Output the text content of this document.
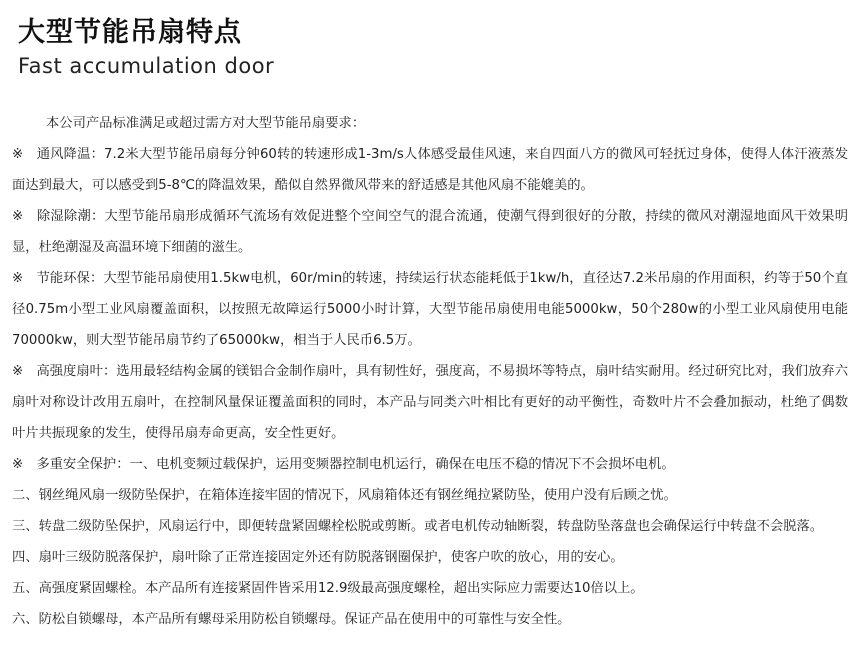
大型节能吊扇特点

Fast accumulation door

本公司产品标准满足或超过需方对大型节能吊扇要求：

※　通风降温：7.2米大型节能吊扇每分钟60转的转速形成1-3m/s人体感受最佳风速，来自四面八方的微风可轻抚过身体，使得人体汗液蒸发面达到最大，可以感受到5-8℃的降温效果，酷似自然界微风带来的舒适感是其他风扇不能媲美的。

※　除湿除潮：大型节能吊扇形成循环气流场有效促进整个空间空气的混合流通，使潮气得到很好的分散，持续的微风对潮湿地面风干效果明显，杜绝潮湿及高温环境下细菌的滋生。

※　节能环保：大型节能吊扇使用1.5kw电机，60r/min的转速，持续运行状态能耗低于1kw/h，直径达7.2米吊扇的作用面积，约等于50个直径0.75m小型工业风扇覆盖面积，以按照无故障运行5000小时计算，大型节能吊扇使用电能5000kw，50个280w的小型工业风扇使用电能70000kw，则大型节能吊扇节约了65000kw，相当于人民币6.5万。

※　高强度扇叶：选用最轻结构金属的镁铝合金制作扇叶，具有韧性好，强度高，不易损坏等特点，扇叶结实耐用。经过研究比对，我们放弃六扇叶对称设计改用五扇叶，在控制风量保证覆盖面积的同时，本产品与同类六叶相比有更好的动平衡性，奇数叶片不会叠加振动，杜绝了偶数叶片共振现象的发生，使得吊扇寿命更高，安全性更好。

※　多重安全保护：一、电机变频过载保护，运用变频器控制电机运行，确保在电压不稳的情况下不会损坏电机。

二、钢丝绳风扇一级防坠保护，在箱体连接牢固的情况下，风扇箱体还有钢丝绳拉紧防坠，使用户没有后顾之忧。

三、转盘二级防坠保护，风扇运行中，即便转盘紧固螺栓松脱或剪断。或者电机传动轴断裂，转盘防坠落盘也会确保运行中转盘不会脱落。

四、扇叶三级防脱落保护，扇叶除了正常连接固定外还有防脱落钢圈保护，使客户吹的放心，用的安心。

五、高强度紧固螺栓。本产品所有连接紧固件皆采用12.9级最高强度螺栓，超出实际应力需要达10倍以上。

六、防松自锁螺母，本产品所有螺母采用防松自锁螺母。保证产品在使用中的可靠性与安全性。
